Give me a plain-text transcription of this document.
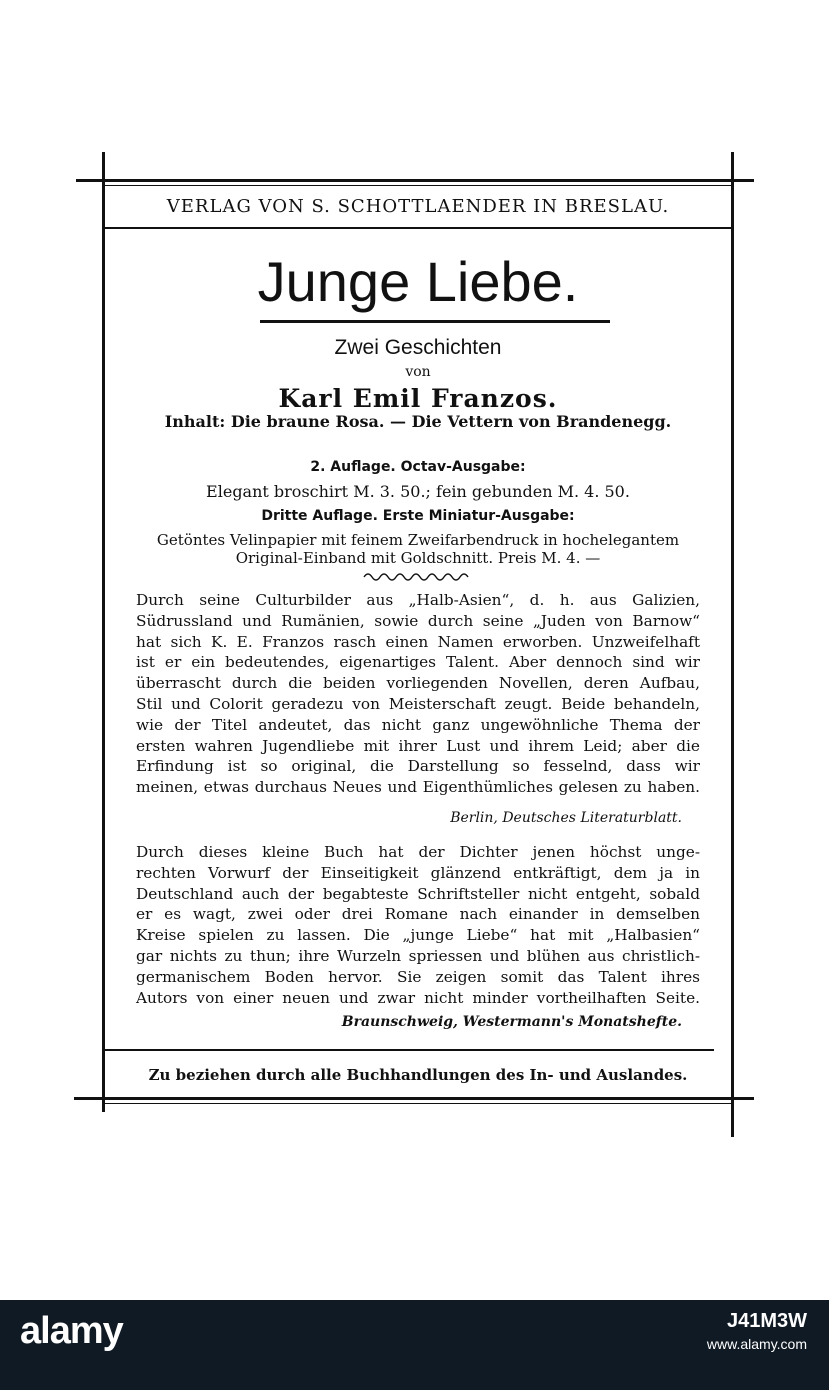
VERLAG VON S. SCHOTTLAENDER IN BRESLAU.
Junge Liebe.
Zwei Geschichten
von
Karl Emil Franzos.
Inhalt: Die braune Rosa. — Die Vettern von Brandenegg.
2. Auflage. Octav-Ausgabe:
Elegant broschirt M. 3. 50.; fein gebunden M. 4. 50.
Dritte Auflage. Erste Miniatur-Ausgabe:
Getöntes Velinpapier mit feinem Zweifarbendruck in hochelegantem
Original-Einband mit Goldschnitt. Preis M. 4. —
Durch seine Culturbilder aus „Halb-Asien“, d. h. aus Galizien,
Südrussland und Rumänien, sowie durch seine „Juden von Barnow“
hat sich K. E. Franzos rasch einen Namen erworben. Unzweifelhaft
ist er ein bedeutendes, eigenartiges Talent. Aber dennoch sind wir
überrascht durch die beiden vorliegenden Novellen, deren Aufbau,
Stil und Colorit geradezu von Meisterschaft zeugt. Beide behandeln,
wie der Titel andeutet, das nicht ganz ungewöhnliche Thema der
ersten wahren Jugendliebe mit ihrer Lust und ihrem Leid; aber die
Erfindung ist so original, die Darstellung so fesselnd, dass wir
meinen, etwas durchaus Neues und Eigenthümliches gelesen zu haben.
Berlin, Deutsches Literaturblatt.
Durch dieses kleine Buch hat der Dichter jenen höchst unge-
rechten Vorwurf der Einseitigkeit glänzend entkräftigt, dem ja in
Deutschland auch der begabteste Schriftsteller nicht entgeht, sobald
er es wagt, zwei oder drei Romane nach einander in demselben
Kreise spielen zu lassen. Die „junge Liebe“ hat mit „Halbasien“
gar nichts zu thun; ihre Wurzeln spriessen und blühen aus christlich-
germanischem Boden hervor. Sie zeigen somit das Talent ihres
Autors von einer neuen und zwar nicht minder vortheilhaften Seite.
Braunschweig, Westermann's Monatshefte.
Zu beziehen durch alle Buchhandlungen des In- und Auslandes.
alamy	J41M3W
www.alamy.com
